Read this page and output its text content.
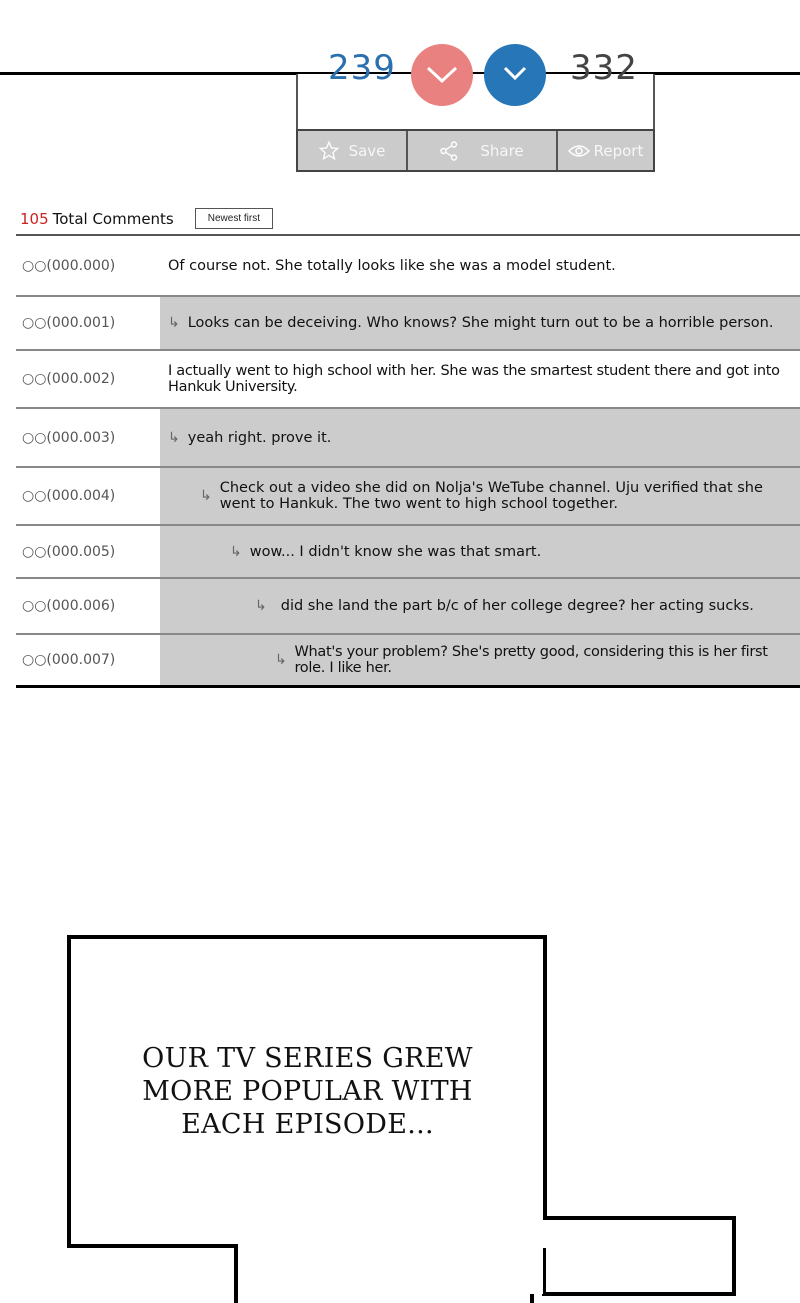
239	332
Save	Share	Report
105 Total Comments	Newest first
○○(000.000)	Of course not. She totally looks like she was a model student.
○○(000.001)	↳ Looks can be deceiving. Who knows? She might turn out to be a horrible person.
○○(000.002)	I actually went to high school with her. She was the smartest student there and got into Hankuk University.
○○(000.003)	↳ yeah right. prove it.
○○(000.004)	↳ Check out a video she did on Nolja's WeTube channel. Uju verified that she went to Hankuk. The two went to high school together.
○○(000.005)	↳ wow... I didn't know she was that smart.
○○(000.006)	↳ did she land the part b/c of her college degree? her acting sucks.
○○(000.007)	↳ What's your problem? She's pretty good, considering this is her first role. I like her.
OUR TV SERIES GREW MORE POPULAR WITH EACH EPISODE...
